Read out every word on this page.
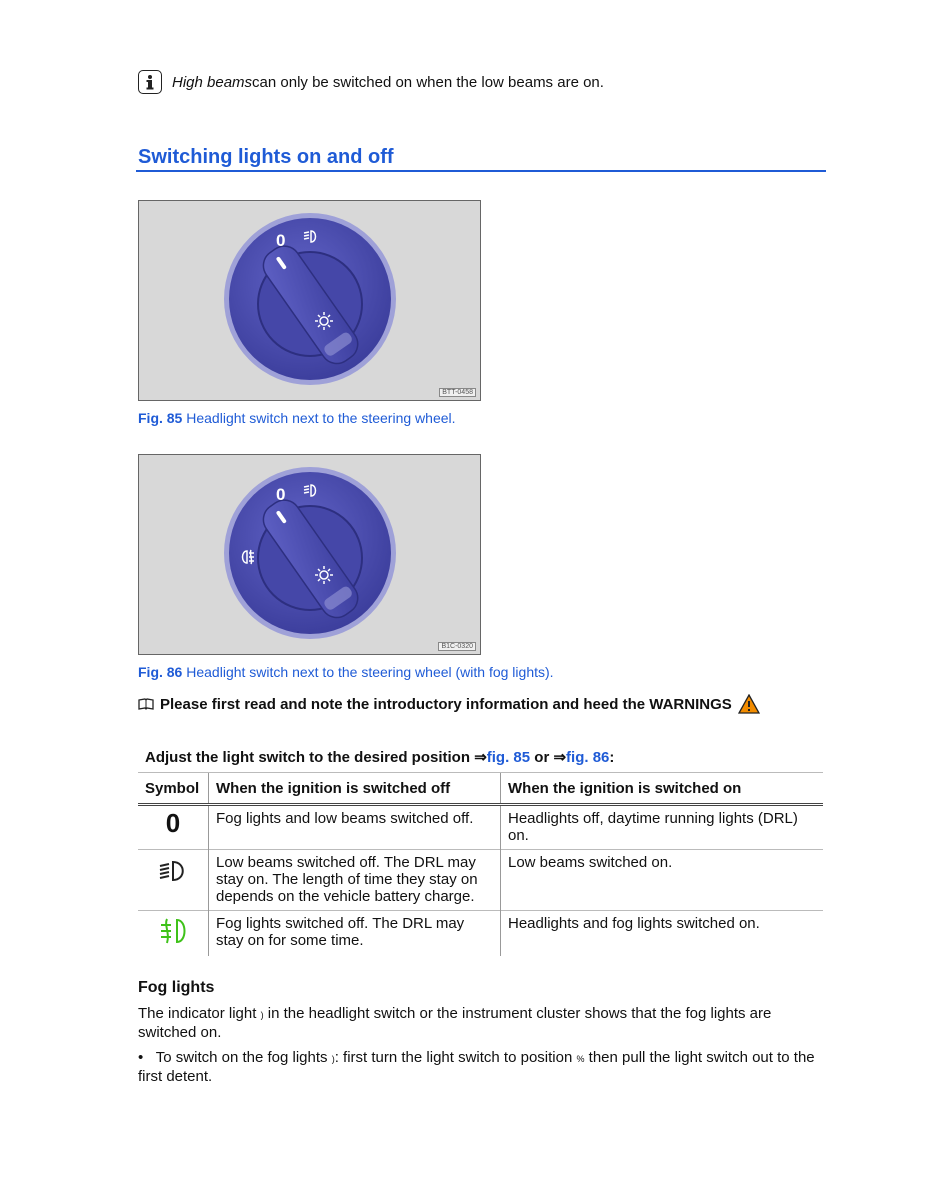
High beams can only be switched on when the low beams are on.
Switching lights on and off
0
BTT-0458
Fig. 85 Headlight switch next to the steering wheel.
0
B1C-0320
Fig. 86 Headlight switch next to the steering wheel (with fog lights).
Please first read and note the introductory information and heed the WARNINGS
Adjust the light switch to the desired position ⇒fig. 85 or ⇒fig. 86:
Symbol	When the ignition is switched off	When the ignition is switched on
0	Fog lights and low beams switched off.	Headlights off, daytime running lights (DRL) on.
	Low beams switched off. The DRL may stay on. The length of time they stay on depends on the vehicle battery charge.	Low beams switched on.
	Fog lights switched off. The DRL may stay on for some time.	Headlights and fog lights switched on.
Fog lights
The indicator light ) in the headlight switch or the instrument cluster shows that the fog lights are switched on.
•   To switch on the fog lights ): first turn the light switch to position % then pull the light switch out to the first detent.
